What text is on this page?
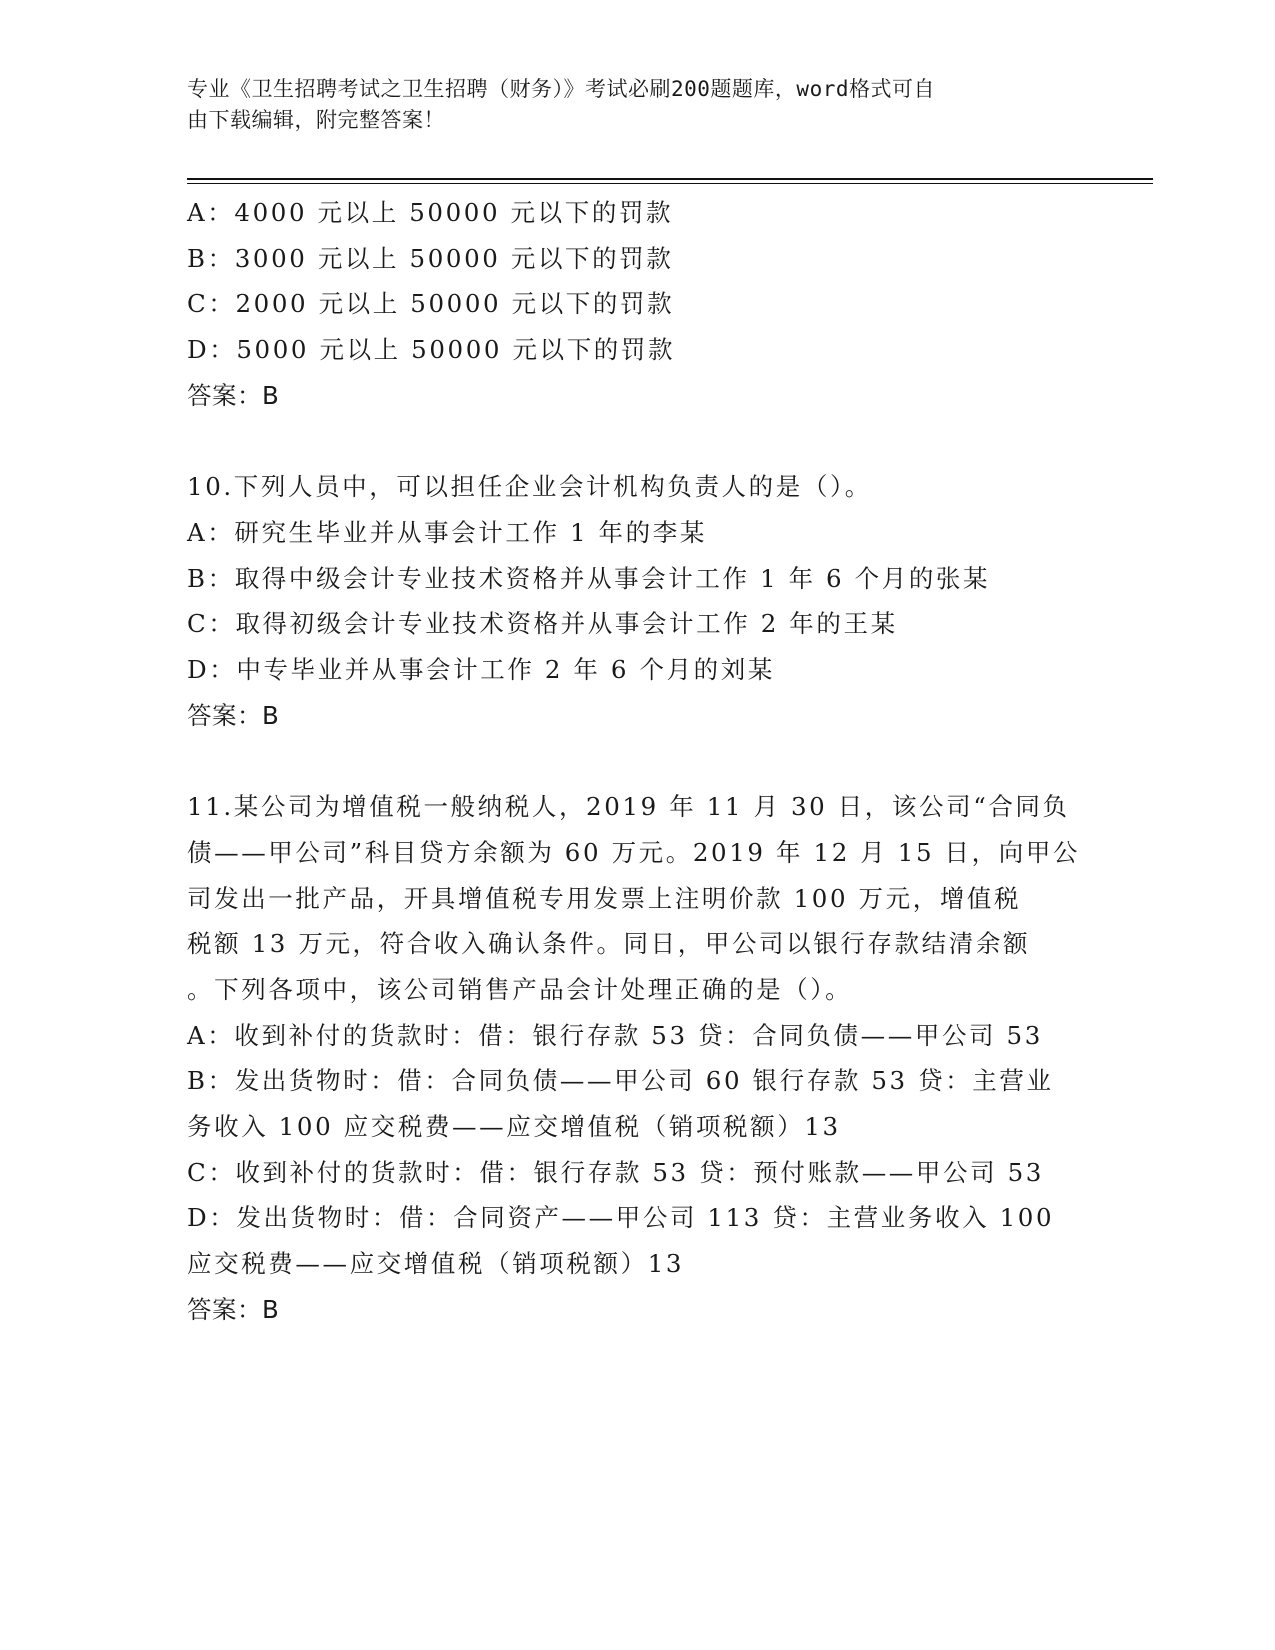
专业《卫生招聘考试之卫生招聘（财务）》考试必刷200题题库，word格式可自
由下载编辑，附完整答案！
A：4000 元以上 50000 元以下的罚款
B：3000 元以上 50000 元以下的罚款
C：2000 元以上 50000 元以下的罚款
D：5000 元以上 50000 元以下的罚款
答案：B
10.下列人员中，可以担任企业会计机构负责人的是（）。
A：研究生毕业并从事会计工作 1 年的李某
B：取得中级会计专业技术资格并从事会计工作 1 年 6 个月的张某
C：取得初级会计专业技术资格并从事会计工作 2 年的王某
D：中专毕业并从事会计工作 2 年 6 个月的刘某
答案：B
11.某公司为增值税一般纳税人，2019 年 11 月 30 日，该公司“合同负
债——甲公司”科目贷方余额为 60 万元。2019 年 12 月 15 日，向甲公
司发出一批产品，开具增值税专用发票上注明价款 100 万元，增值税
税额 13 万元，符合收入确认条件。同日，甲公司以银行存款结清余额
。下列各项中，该公司销售产品会计处理正确的是（）。
A：收到补付的货款时：借：银行存款 53 贷：合同负债——甲公司 53
B：发出货物时：借：合同负债——甲公司 60 银行存款 53 贷：主营业
务收入 100 应交税费——应交增值税（销项税额）13
C：收到补付的货款时：借：银行存款 53 贷：预付账款——甲公司 53
D：发出货物时：借：合同资产——甲公司 113 贷：主营业务收入 100
应交税费——应交增值税（销项税额）13
答案：B
